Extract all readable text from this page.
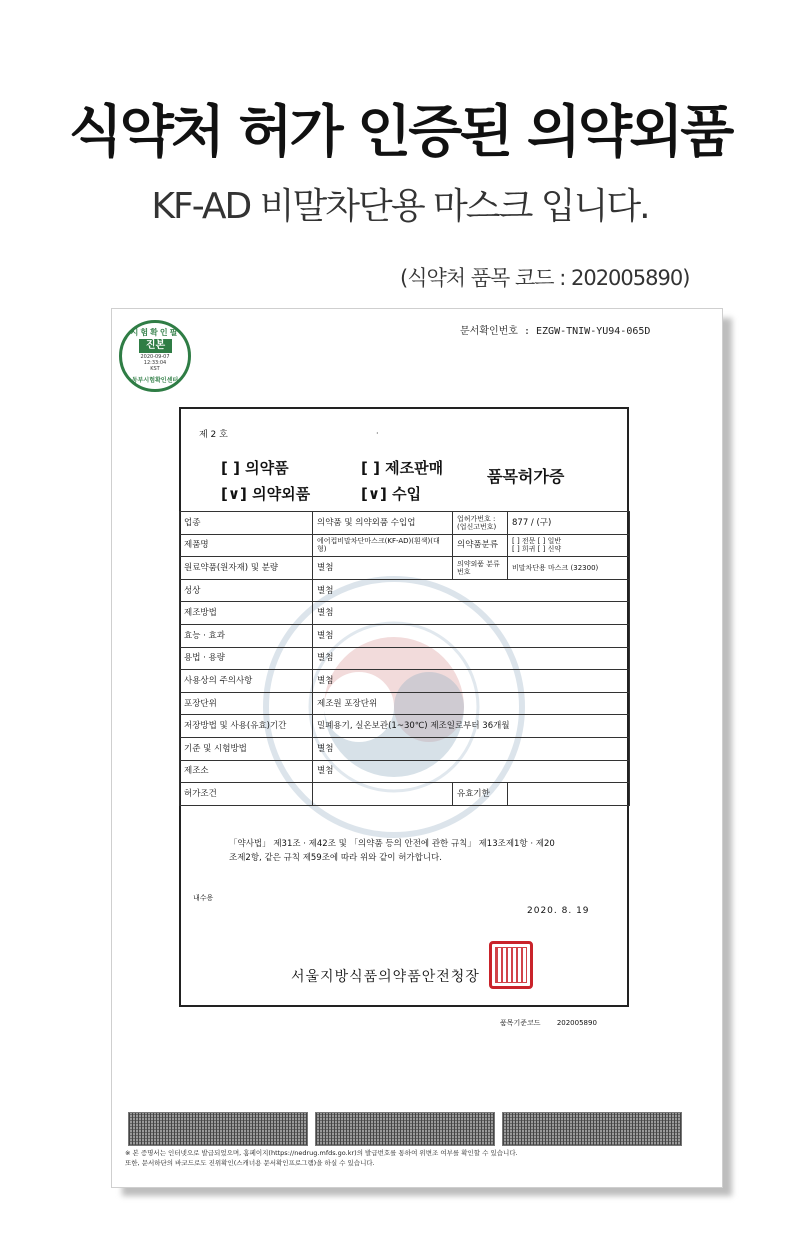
식약처 허가 인증된 의약외품
KF-AD 비말차단용 마스크 입니다.
(식약처 품목 코드 : 202005890)
시험확인필
진본
2020-09-07
12:33:04
KST
동부시험확인센터
문서확인번호 : EZGW-TNIW-YU94-065D
제 2 호	·
[ ] 의약품
[∨] 의약외품
[ ] 제조판매
[∨] 수입
품목허가증
업종	의약품 및 의약외품 수입업	업허가번호 : (업신고번호)	877 / (구)
제품명	에어컵비말차단마스크(KF-AD)(흰색)(대형)	의약품분류	[ ] 전문 [ ] 일반
[ ] 희귀 [ ] 신약

원료약품(원자재) 및 분량	별첨	의약외품 분류번호	비말차단용 마스크 (32300)
성상	별첨		
제조방법	별첨		
효능 · 효과	별첨		
용법 · 용량	별첨		
사용상의 주의사항	별첨		
포장단위	제조원 포장단위		
저장방법 및 사용(유효)기간	밀폐용기, 실온보관(1~30℃) 제조일로부터 36개월		
기준 및 시험방법	별첨		
제조소	별첨		
허가조건		유효기한	
「약사법」 제31조 · 제42조 및 「의약품 등의 안전에 관한 규칙」 제13조제1항 · 제20조제2항, 같은 규칙 제59조에 따라 위와 같이 허가합니다.
내수용
2020. 8. 19
서울지방식품의약품안전청장
품목기준코드 202005890
※ 본 증명서는 인터넷으로 발급되었으며, 홈페이지(https://nedrug.mfds.go.kr)의 발급번호를 통하여 위변조 여부를 확인할 수 있습니다.
또한, 문서하단의 바코드로도 진위확인(스캐너용 문서확인프로그램)을 하실 수 있습니다.
